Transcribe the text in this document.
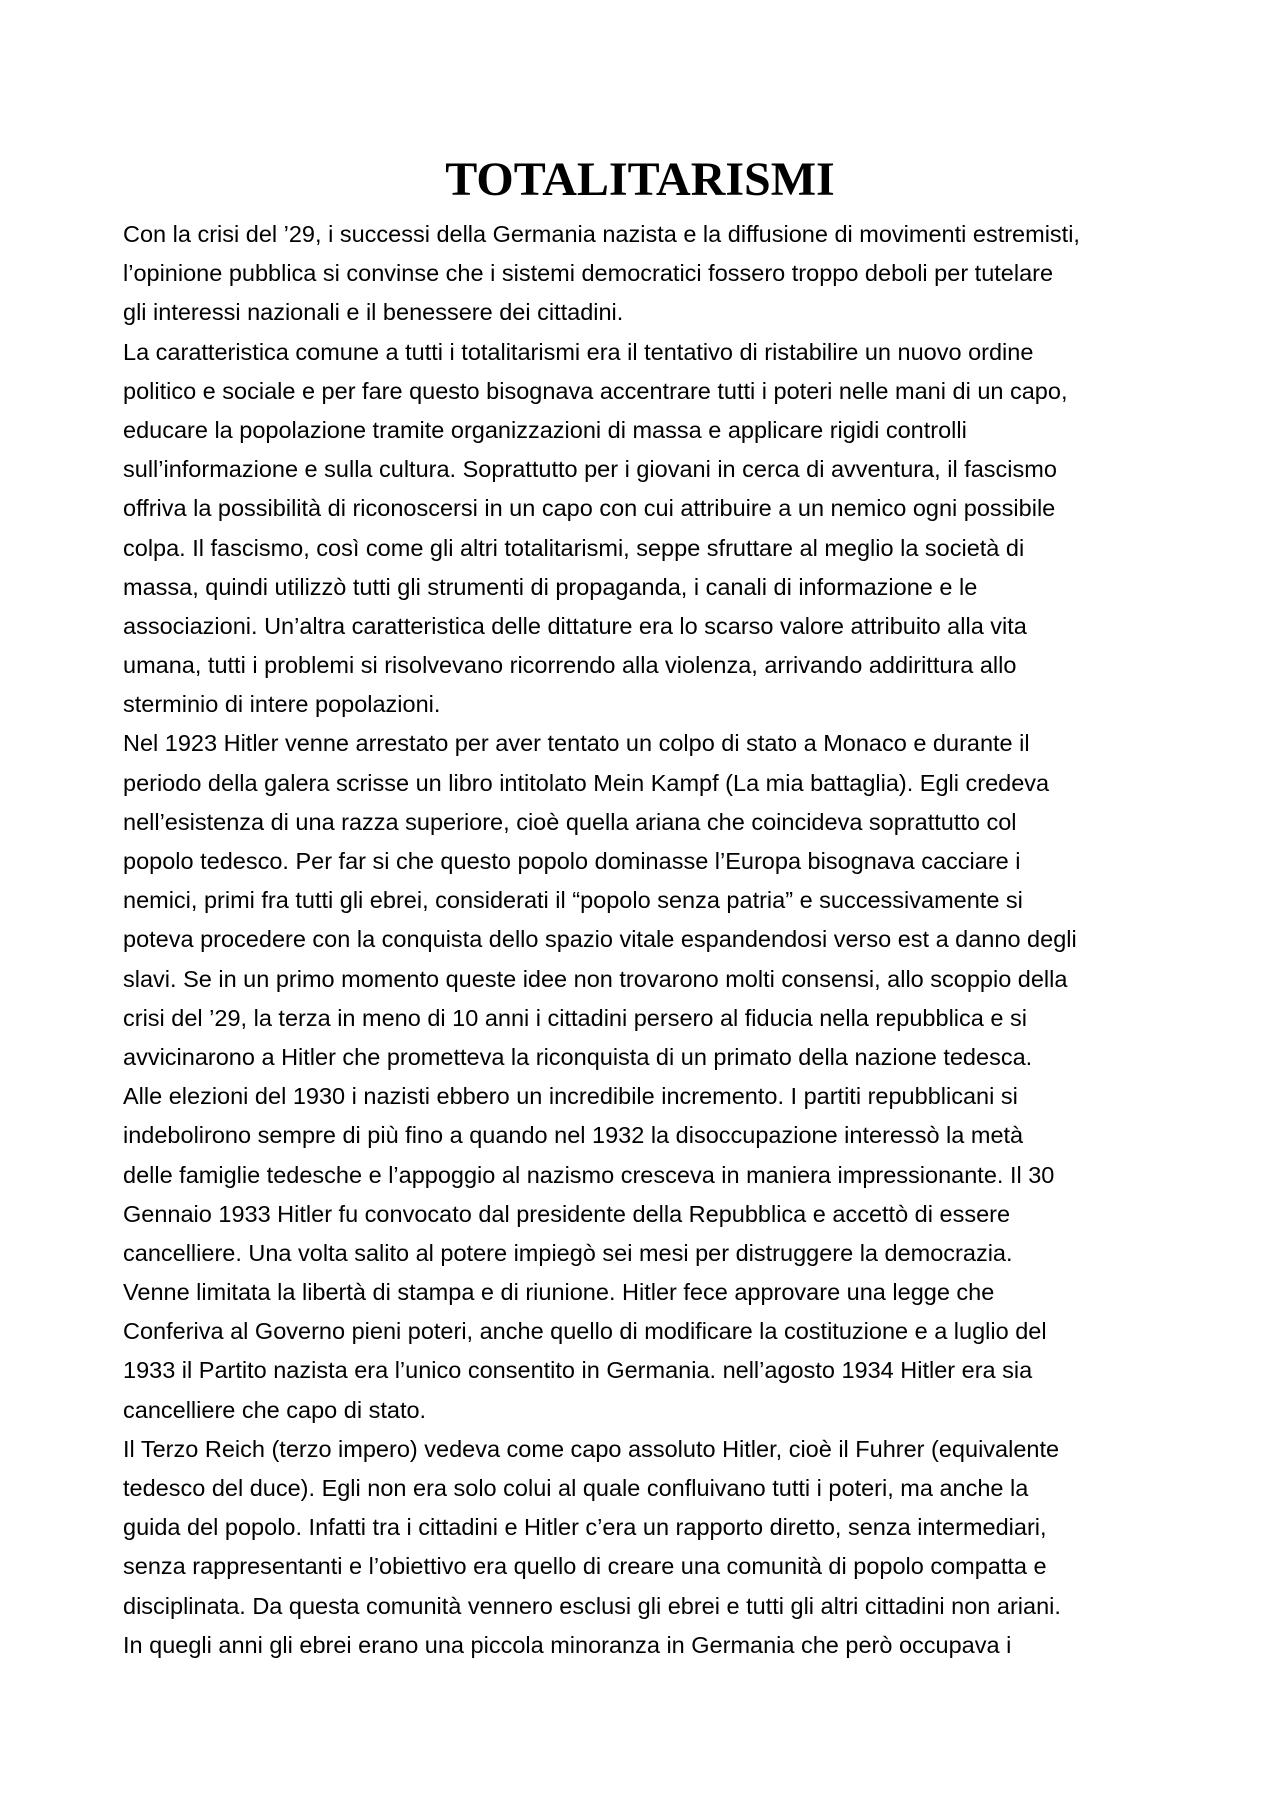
TOTALITARISMI
Con la crisi del ’29, i successi della Germania nazista e la diffusione di movimenti estremisti,
l’opinione pubblica si convinse che i sistemi democratici fossero troppo deboli per tutelare
gli interessi nazionali e il benessere dei cittadini.
La caratteristica comune a tutti i totalitarismi era il tentativo di ristabilire un nuovo ordine
politico e sociale e per fare questo bisognava accentrare tutti i poteri nelle mani di un capo,
educare la popolazione tramite organizzazioni di massa e applicare rigidi controlli
sull’informazione e sulla cultura. Soprattutto per i giovani in cerca di avventura, il fascismo
offriva la possibilità di riconoscersi in un capo con cui attribuire a un nemico ogni possibile
colpa. Il fascismo, così come gli altri totalitarismi, seppe sfruttare al meglio la società di
massa, quindi utilizzò tutti gli strumenti di propaganda, i canali di informazione e le
associazioni. Un’altra caratteristica delle dittature era lo scarso valore attribuito alla vita
umana, tutti i problemi si risolvevano ricorrendo alla violenza, arrivando addirittura allo
sterminio di intere popolazioni.
Nel 1923 Hitler venne arrestato per aver tentato un colpo di stato a Monaco e durante il
periodo della galera scrisse un libro intitolato Mein Kampf (La mia battaglia). Egli credeva
nell’esistenza di una razza superiore, cioè quella ariana che coincideva soprattutto col
popolo tedesco. Per far si che questo popolo dominasse l’Europa bisognava cacciare i
nemici, primi fra tutti gli ebrei, considerati il “popolo senza patria” e successivamente si
poteva procedere con la conquista dello spazio vitale espandendosi verso est a danno degli
slavi. Se in un primo momento queste idee non trovarono molti consensi, allo scoppio della
crisi del ’29, la terza in meno di 10 anni i cittadini persero al fiducia nella repubblica e si
avvicinarono a Hitler che prometteva la riconquista di un primato della nazione tedesca.
Alle elezioni del 1930 i nazisti ebbero un incredibile incremento. I partiti repubblicani si
indebolirono sempre di più fino a quando nel 1932 la disoccupazione interessò la metà
delle famiglie tedesche e l’appoggio al nazismo cresceva in maniera impressionante. Il 30
Gennaio 1933 Hitler fu convocato dal presidente della Repubblica e accettò di essere
cancelliere. Una volta salito al potere impiegò sei mesi per distruggere la democrazia.
Venne limitata la libertà di stampa e di riunione. Hitler fece approvare una legge che
Conferiva al Governo pieni poteri, anche quello di modificare la costituzione e a luglio del
1933 il Partito nazista era l’unico consentito in Germania. nell’agosto 1934 Hitler era sia
cancelliere che capo di stato.
Il Terzo Reich (terzo impero) vedeva come capo assoluto Hitler, cioè il Fuhrer (equivalente
tedesco del duce). Egli non era solo colui al quale confluivano tutti i poteri, ma anche la
guida del popolo. Infatti tra i cittadini e Hitler c’era un rapporto diretto, senza intermediari,
senza rappresentanti e l’obiettivo era quello di creare una comunità di popolo compatta e
disciplinata. Da questa comunità vennero esclusi gli ebrei e tutti gli altri cittadini non ariani.
In quegli anni gli ebrei erano una piccola minoranza in Germania che però occupava i
